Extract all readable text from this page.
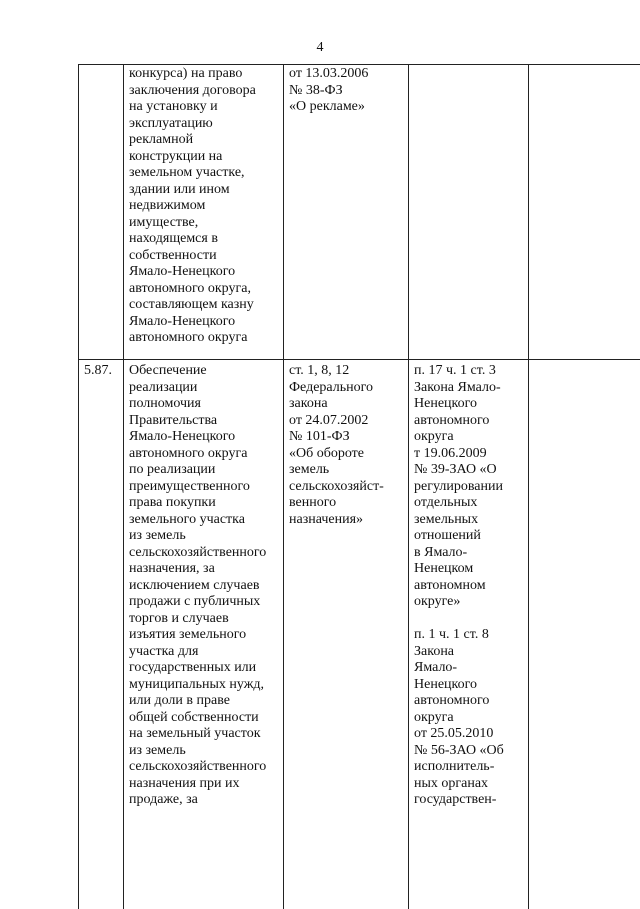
4
конкурса) на право
заключения договора
на установку и
эксплуатацию
рекламной
конструкции на
земельном участке,
здании или ином
недвижимом
имуществе,
находящемся в
собственности
Ямало-Ненецкого
автономного округа,
составляющем казну
Ямало-Ненецкого
автономного округа
от 13.03.2006
№ 38-ФЗ
«О рекламе»
5.87.	Обеспечение
реализации
полномочия
Правительства
Ямало-Ненецкого
автономного округа
по реализации
преимущественного
права покупки
земельного участка
из земель
сельскохозяйственного
назначения, за
исключением случаев
продажи с публичных
торгов и случаев
изъятия земельного
участка для
государственных или
муниципальных нужд,
или доли в праве
общей собственности
на земельный участок
из земель
сельскохозяйственного
назначения при их
продаже, за
ст. 1, 8, 12
Федерального
закона
от 24.07.2002
№ 101-ФЗ
«Об обороте
земель
сельскохозяйст-
венного
назначения»
п. 17 ч. 1 ст. 3
Закона Ямало-
Ненецкого
автономного
округа
т 19.06.2009
№ 39-ЗАО «О
регулировании
отдельных
земельных
отношений
в Ямало-
Ненецком
автономном
округе»

п. 1 ч. 1 ст. 8
Закона
Ямало-
Ненецкого
автономного
округа
от 25.05.2010
№ 56-ЗАО «Об
исполнитель-
ных органах
государствен-
